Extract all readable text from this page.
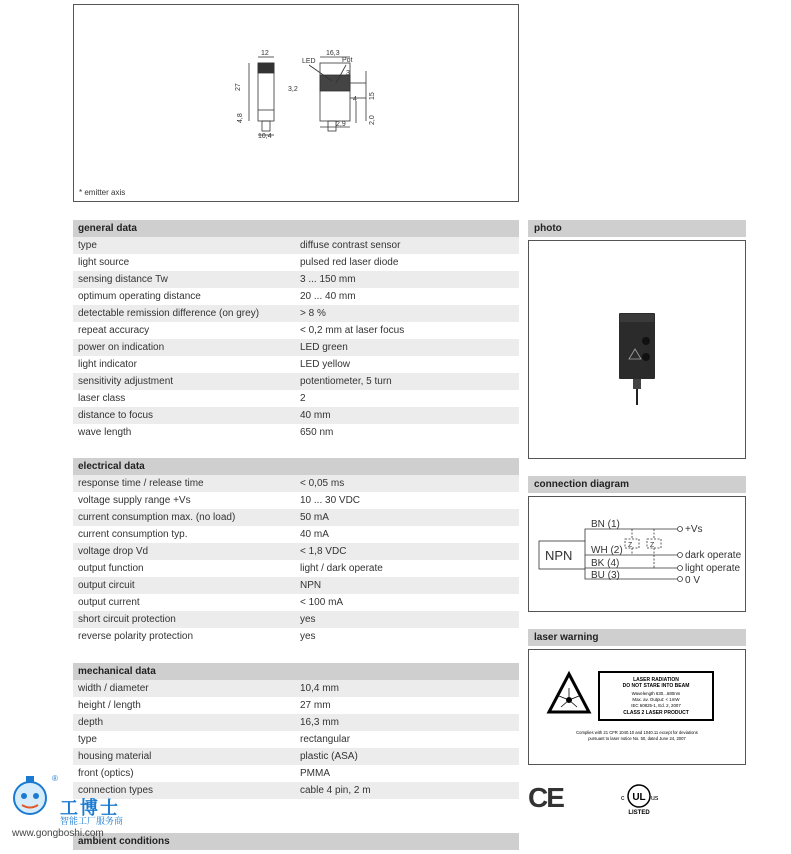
12	16,3
LED	Pot
27	3,2
3
4 15
4,8
2,9	2,0
10,4
* emitter axis
general data
type	diffuse contrast sensor
light source	pulsed red laser diode
sensing distance Tw	3 ... 150 mm
optimum operating distance	20 ... 40 mm
detectable remission difference (on grey)	> 8 %
repeat accuracy	< 0,2 mm at laser focus
power on indication	LED green
light indicator	LED yellow
sensitivity adjustment	potentiometer, 5 turn
laser class	2
distance to focus	40 mm
wave length	650 nm
electrical data
response time / release time	< 0,05 ms
voltage supply range +Vs	10 ... 30 VDC
current consumption max. (no load)	50 mA
current consumption typ.	40 mA
voltage drop Vd	< 1,8 VDC
output function	light / dark operate
output circuit	NPN
output current	< 100 mA
short circuit protection	yes
reverse polarity protection	yes
mechanical data
width / diameter	10,4 mm
height / length	27 mm
depth	16,3 mm
type	rectangular
housing material	plastic (ASA)
front (optics)	PMMA
connection types	cable 4 pin, 2 m
ambient conditions
photo
connection diagram
NPN
BN (1)
WH (2)
BK (4)
BU (3)
Z	Z
+Vs
dark operate
light operate
0 V
laser warning
LASER RADIATION
DO NOT STARE INTO BEAM
Wavelength 630...680nm
Max. av. Output: < 1mW
IEC 60825-1, Ed. 2, 2007
CLASS 2 LASER PRODUCT
Complies with 21 CFR 1040.10 and 1040.11 except for deviations
pursuant to laser notice No. 50, dated June 24, 2007
CE	UL
c	us
LISTED
®
工博士
智能工厂服务商
www.gongboshi.com
